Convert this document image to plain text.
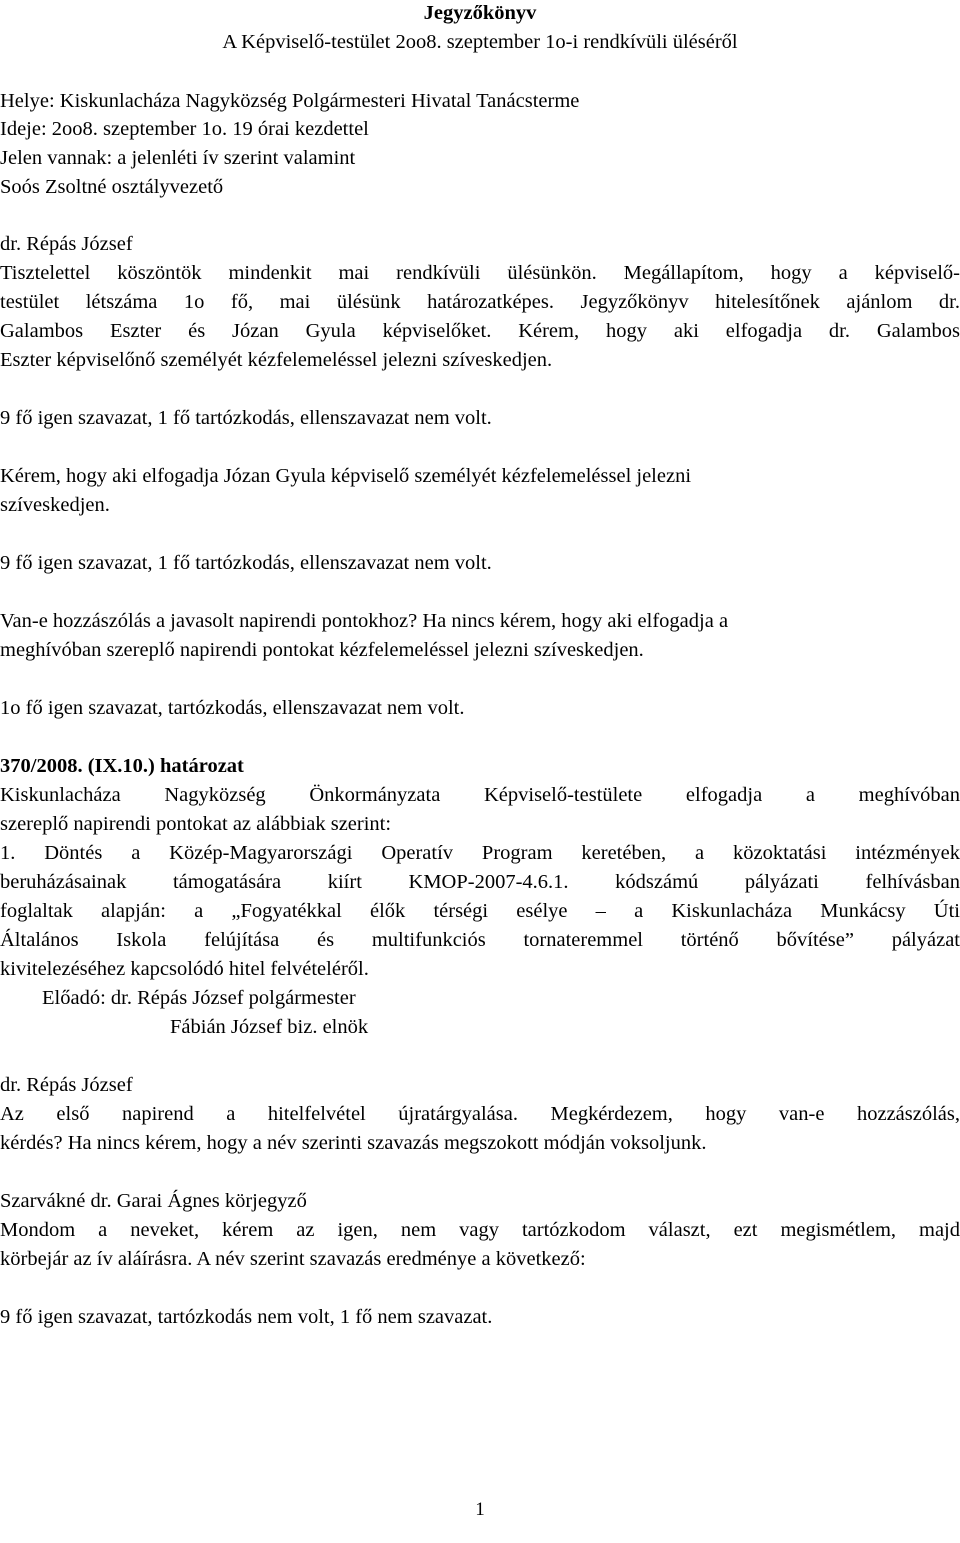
Jegyzőkönyv
A Képviselő-testület 2oo8. szeptember 1o-i rendkívüli üléséről
Helye: Kiskunlacháza Nagyközség Polgármesteri Hivatal Tanácsterme
Ideje: 2oo8. szeptember 1o. 19 órai kezdettel
Jelen vannak: a jelenléti ív szerint valamint
Soós Zsoltné osztályvezető
dr. Répás József
Tisztelettel köszöntök mindenkit mai rendkívüli ülésünkön. Megállapítom, hogy a képviselő-
testület létszáma 1o fő, mai ülésünk határozatképes. Jegyzőkönyv hitelesítőnek ajánlom dr.
Galambos Eszter és Józan Gyula képviselőket. Kérem, hogy aki elfogadja dr. Galambos
Eszter képviselőnő személyét kézfelemeléssel jelezni szíveskedjen.
9 fő igen szavazat, 1 fő tartózkodás, ellenszavazat nem volt.
Kérem, hogy aki elfogadja Józan Gyula képviselő személyét kézfelemeléssel jelezni
szíveskedjen.
9 fő igen szavazat, 1 fő tartózkodás, ellenszavazat nem volt.
Van-e hozzászólás a javasolt napirendi pontokhoz? Ha nincs kérem, hogy aki elfogadja a
meghívóban szereplő napirendi pontokat kézfelemeléssel jelezni szíveskedjen.
1o fő igen szavazat, tartózkodás, ellenszavazat nem volt.
370/2008. (IX.10.) határozat
Kiskunlacháza Nagyközség Önkormányzata Képviselő-testülete elfogadja a meghívóban
szereplő napirendi pontokat az alábbiak szerint:
1. Döntés a Közép-Magyarországi Operatív Program keretében, a közoktatási intézmények
beruházásainak támogatására kiírt KMOP-2007-4.6.1. kódszámú pályázati felhívásban
foglaltak alapján: a „Fogyatékkal élők térségi esélye – a Kiskunlacháza Munkácsy Úti
Általános Iskola felújítása és multifunkciós tornateremmel történő bővítése” pályázat
kivitelezéséhez kapcsolódó hitel felvételéről.
Előadó: dr. Répás József polgármester
Fábián József biz. elnök
dr. Répás József
Az első napirend a hitelfelvétel újratárgyalása. Megkérdezem, hogy van-e hozzászólás,
kérdés? Ha nincs kérem, hogy a név szerinti szavazás megszokott módján voksoljunk.
Szarvákné dr. Garai Ágnes körjegyző
Mondom a neveket, kérem az igen, nem vagy tartózkodom választ, ezt megismétlem, majd
körbejár az ív aláírásra. A név szerint szavazás eredménye a következő:
9 fő igen szavazat, tartózkodás nem volt, 1 fő nem szavazat.
1
